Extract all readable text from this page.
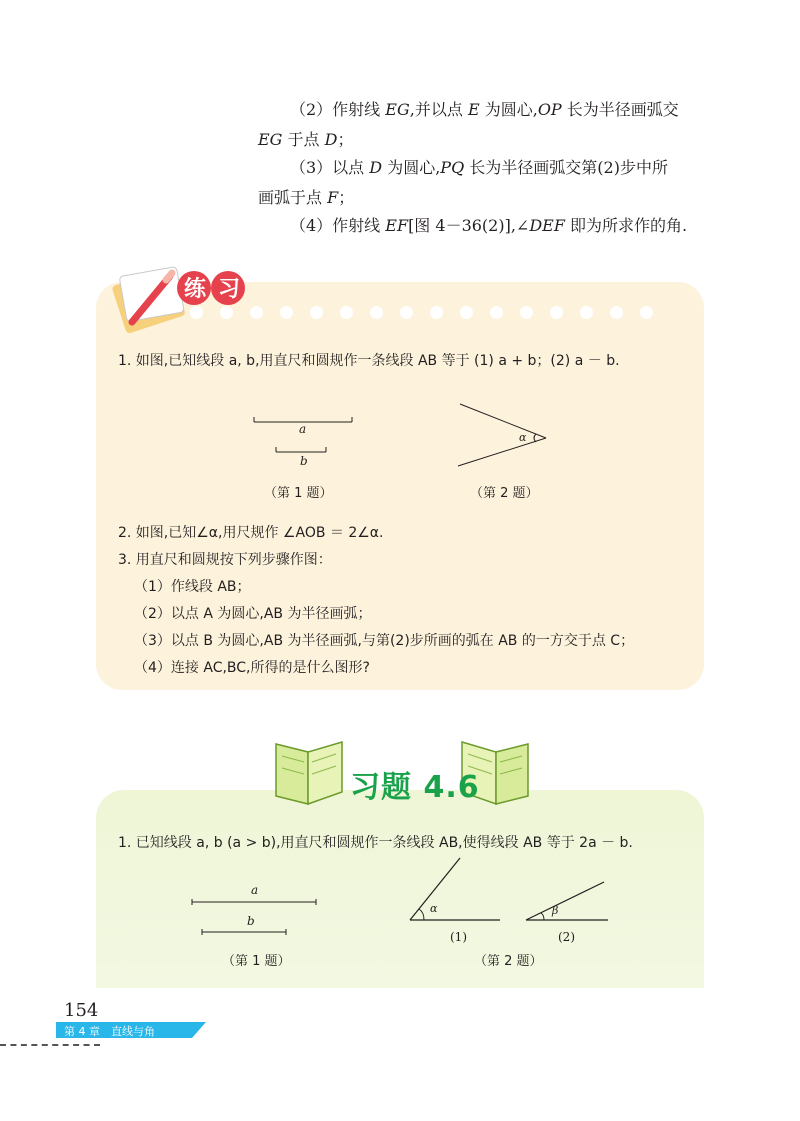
（2）作射线 EG,并以点 E 为圆心,OP 长为半径画弧交
EG 于点 D；
（3）以点 D 为圆心,PQ 长为半径画弧交第(2)步中所
画弧于点 F；
（4）作射线 EF[图 4－36(2)],∠DEF 即为所求作的角.
练习
1. 如图,已知线段 a, b,用直尺和圆规作一条线段 AB 等于 (1) a + b；(2) a － b.
a
b
（第 1 题）
α
（第 2 题）
2. 如图,已知∠α,用尺规作 ∠AOB ＝ 2∠α.
3. 用直尺和圆规按下列步骤作图：
（1）作线段 AB；
（2）以点 A 为圆心,AB 为半径画弧；
（3）以点 B 为圆心,AB 为半径画弧,与第(2)步所画的弧在 AB 的一方交于点 C；
（4）连接 AC,BC,所得的是什么图形?
习题 4.6
1. 已知线段 a, b (a > b),用直尺和圆规作一条线段 AB,使得线段 AB 等于 2a － b.
a
b
（第 1 题）
α	β
(1)	(2)
（第 2 题）
154
第 4 章　直线与角
